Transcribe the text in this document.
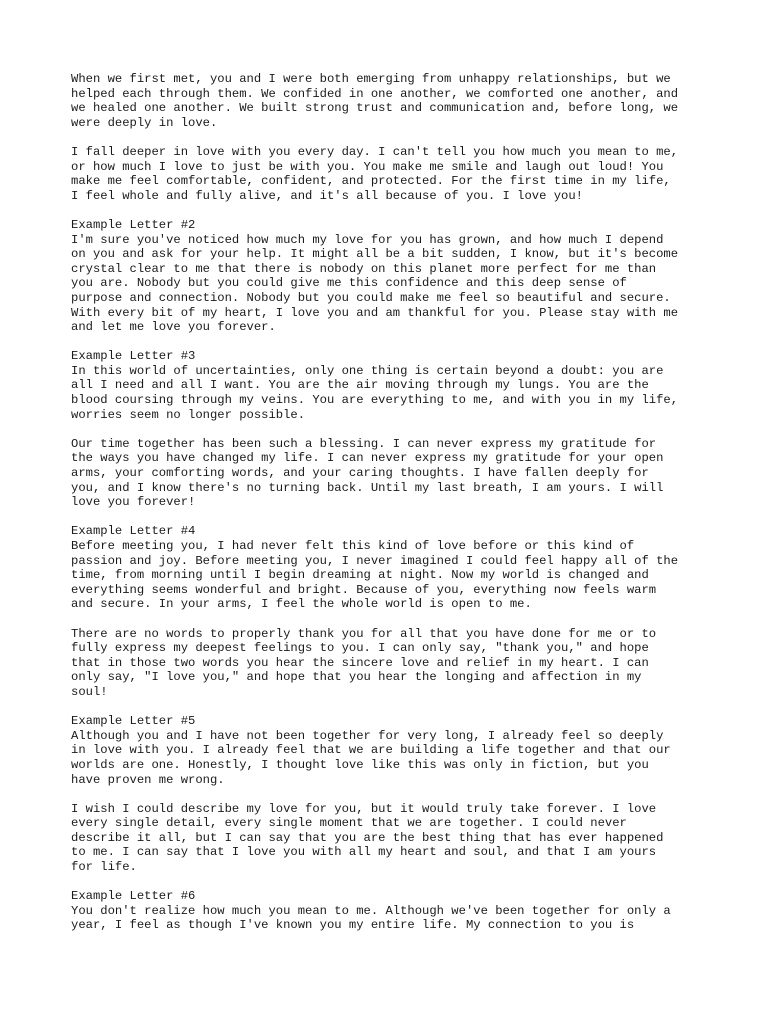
When we first met, you and I were both emerging from unhappy relationships, but we
helped each through them. We confided in one another, we comforted one another, and
we healed one another. We built strong trust and communication and, before long, we
were deeply in love.
I fall deeper in love with you every day. I can't tell you how much you mean to me,
or how much I love to just be with you. You make me smile and laugh out loud! You
make me feel comfortable, confident, and protected. For the first time in my life,
I feel whole and fully alive, and it's all because of you. I love you!
Example Letter #2
I'm sure you've noticed how much my love for you has grown, and how much I depend
on you and ask for your help. It might all be a bit sudden, I know, but it's become
crystal clear to me that there is nobody on this planet more perfect for me than
you are. Nobody but you could give me this confidence and this deep sense of
purpose and connection. Nobody but you could make me feel so beautiful and secure.
With every bit of my heart, I love you and am thankful for you. Please stay with me
and let me love you forever.
Example Letter #3
In this world of uncertainties, only one thing is certain beyond a doubt: you are
all I need and all I want. You are the air moving through my lungs. You are the
blood coursing through my veins. You are everything to me, and with you in my life,
worries seem no longer possible.
Our time together has been such a blessing. I can never express my gratitude for
the ways you have changed my life. I can never express my gratitude for your open
arms, your comforting words, and your caring thoughts. I have fallen deeply for
you, and I know there's no turning back. Until my last breath, I am yours. I will
love you forever!
Example Letter #4
Before meeting you, I had never felt this kind of love before or this kind of
passion and joy. Before meeting you, I never imagined I could feel happy all of the
time, from morning until I begin dreaming at night. Now my world is changed and
everything seems wonderful and bright. Because of you, everything now feels warm
and secure. In your arms, I feel the whole world is open to me.
There are no words to properly thank you for all that you have done for me or to
fully express my deepest feelings to you. I can only say, "thank you," and hope
that in those two words you hear the sincere love and relief in my heart. I can
only say, "I love you," and hope that you hear the longing and affection in my
soul!
Example Letter #5
Although you and I have not been together for very long, I already feel so deeply
in love with you. I already feel that we are building a life together and that our
worlds are one. Honestly, I thought love like this was only in fiction, but you
have proven me wrong.
I wish I could describe my love for you, but it would truly take forever. I love
every single detail, every single moment that we are together. I could never
describe it all, but I can say that you are the best thing that has ever happened
to me. I can say that I love you with all my heart and soul, and that I am yours
for life.
Example Letter #6
You don't realize how much you mean to me. Although we've been together for only a
year, I feel as though I've known you my entire life. My connection to you is
